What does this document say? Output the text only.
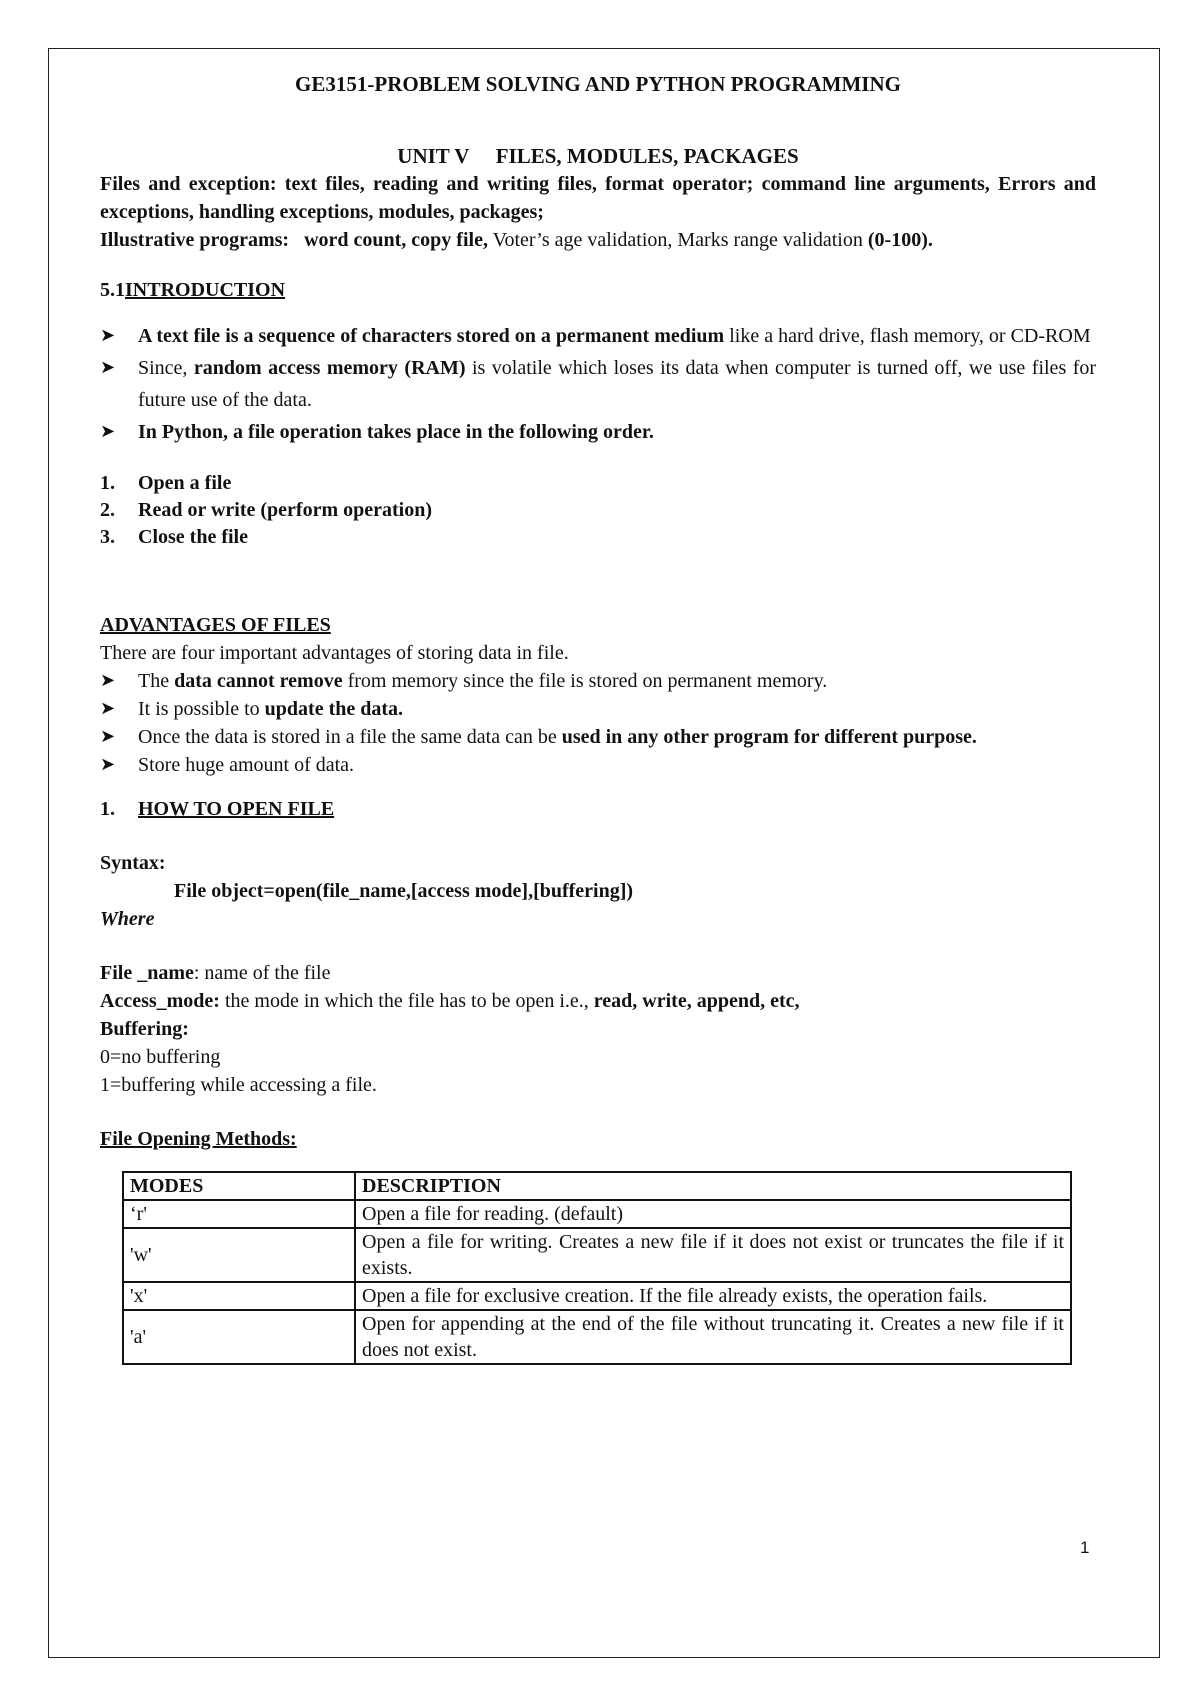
GE3151-PROBLEM SOLVING AND PYTHON PROGRAMMING

UNIT V FILES, MODULES, PACKAGES

Files and exception: text files, reading and writing files, format operator; command line arguments, Errors and exceptions, handling exceptions, modules, packages;

Illustrative programs: word count, copy file, Voter’s age validation, Marks range validation (0-100).

5.1INTRODUCTION

➤	A text file is a sequence of characters stored on a permanent medium like a hard drive, flash memory, or CD-ROM
➤	Since, random access memory (RAM) is volatile which loses its data when computer is turned off, we use files for future use of the data.
➤	In Python, a file operation takes place in the following order.
1. Open a file
2. Read or write (perform operation)
3. Close the file

ADVANTAGES OF FILES

There are four important advantages of storing data in file.

➤	The data cannot remove from memory since the file is stored on permanent memory.
➤	It is possible to update the data.
➤	Once the data is stored in a file the same data can be used in any other program for different purpose.
➤	Store huge amount of data.

1. HOW TO OPEN FILE

Syntax:

File object=open(file_name,[access mode],[buffering])

Where

File _name: name of the file

Access_mode: the mode in which the file has to be open i.e., read, write, append, etc,

Buffering:

0=no buffering

1=buffering while accessing a file.

File Opening Methods:

MODES	DESCRIPTION
‘r'	Open a file for reading. (default)
'w'	Open a file for writing. Creates a new file if it does not exist or truncates the file if it exists.
'x'	Open a file for exclusive creation. If the file already exists, the operation fails.
'a'	Open for appending at the end of the file without truncating it. Creates a new file if it does not exist.
1
